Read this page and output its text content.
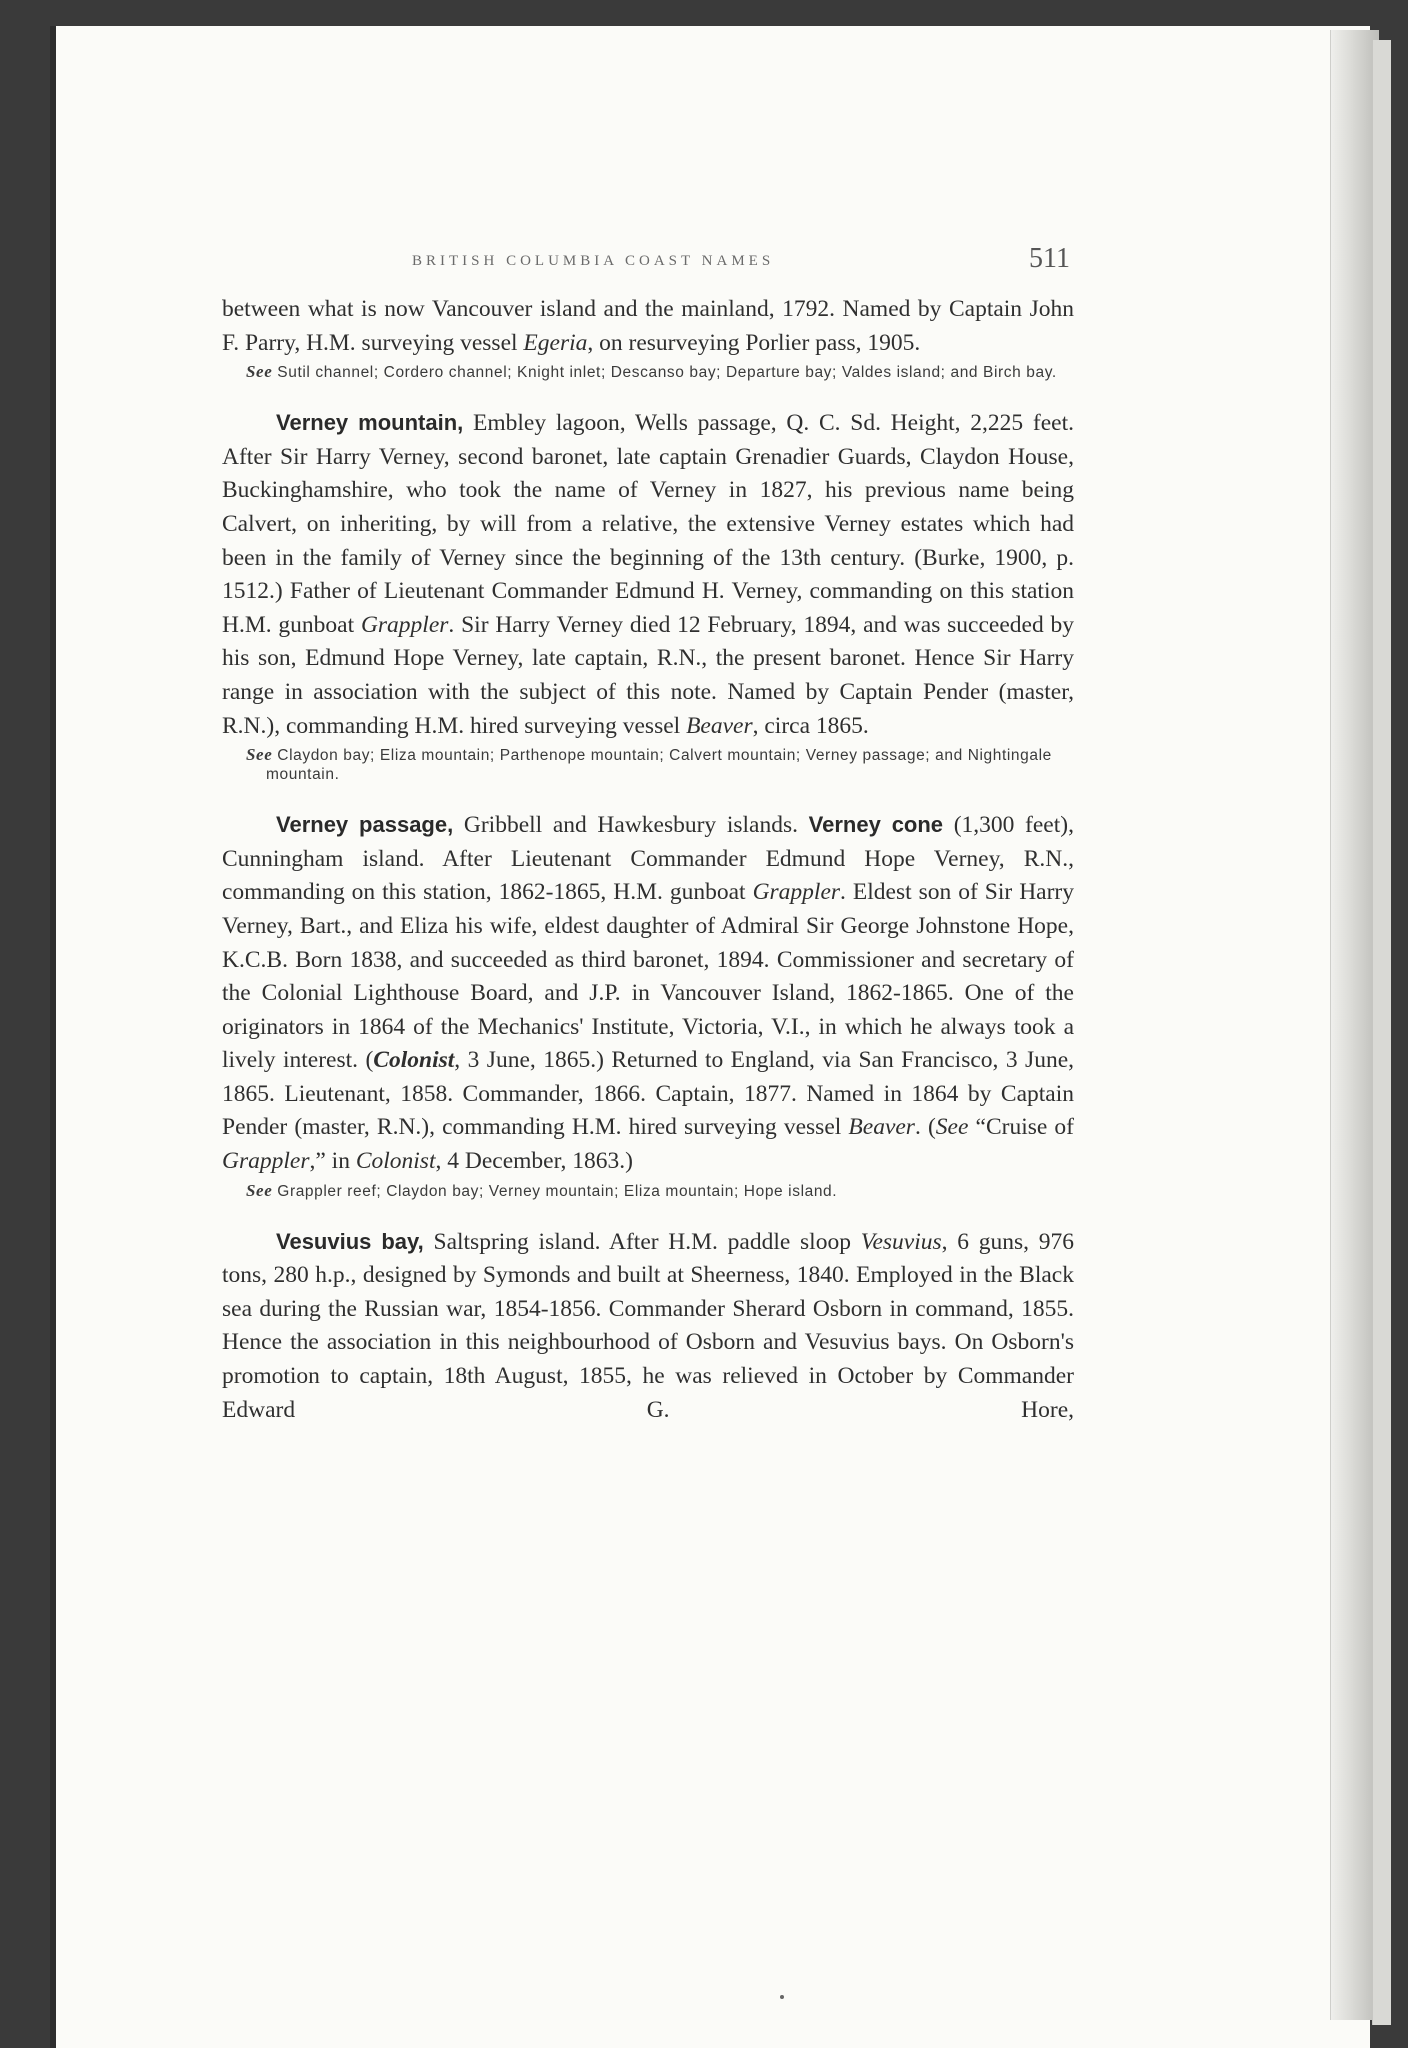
BRITISH COLUMBIA COAST NAMES	511

between what is now Vancouver island and the mainland, 1792. Named by Captain John F. Parry, H.M. surveying vessel Egeria, on resurveying Porlier pass, 1905.

See Sutil channel; Cordero channel; Knight inlet; Descanso bay; Departure bay; Valdes island; and Birch bay.

Verney mountain, Embley lagoon, Wells passage, Q. C. Sd. Height, 2,225 feet. After Sir Harry Verney, second baronet, late captain Grenadier Guards, Claydon House, Buckinghamshire, who took the name of Verney in 1827, his previous name being Calvert, on inheriting, by will from a relative, the extensive Verney estates which had been in the family of Verney since the beginning of the 13th century. (Burke, 1900, p. 1512.) Father of Lieutenant Commander Edmund H. Verney, commanding on this station H.M. gunboat Grappler. Sir Harry Verney died 12 February, 1894, and was succeeded by his son, Edmund Hope Verney, late captain, R.N., the present baronet. Hence Sir Harry range in association with the subject of this note. Named by Captain Pender (master, R.N.), commanding H.M. hired surveying vessel Beaver, circa 1865.

See Claydon bay; Eliza mountain; Parthenope mountain; Calvert mountain; Verney passage; and Nightingale mountain.

Verney passage, Gribbell and Hawkesbury islands. Verney cone (1,300 feet), Cunningham island. After Lieutenant Commander Edmund Hope Verney, R.N., commanding on this station, 1862-1865, H.M. gunboat Grappler. Eldest son of Sir Harry Verney, Bart., and Eliza his wife, eldest daughter of Admiral Sir George Johnstone Hope, K.C.B. Born 1838, and succeeded as third baronet, 1894. Commissioner and secretary of the Colonial Lighthouse Board, and J.P. in Vancouver Island, 1862-1865. One of the originators in 1864 of the Mechanics' Institute, Victoria, V.I., in which he always took a lively interest. (Colonist, 3 June, 1865.) Returned to England, via San Francisco, 3 June, 1865. Lieutenant, 1858. Commander, 1866. Captain, 1877. Named in 1864 by Captain Pender (master, R.N.), commanding H.M. hired surveying vessel Beaver. (See “Cruise of Grappler,” in Colonist, 4 December, 1863.)

See Grappler reef; Claydon bay; Verney mountain; Eliza mountain; Hope island.

Vesuvius bay, Saltspring island. After H.M. paddle sloop Vesuvius, 6 guns, 976 tons, 280 h.p., designed by Symonds and built at Sheerness, 1840. Employed in the Black sea during the Russian war, 1854-1856. Commander Sherard Osborn in command, 1855. Hence the association in this neighbourhood of Osborn and Vesuvius bays. On Osborn's promotion to captain, 18th August, 1855, he was relieved in October by Commander Edward G. Hore,
